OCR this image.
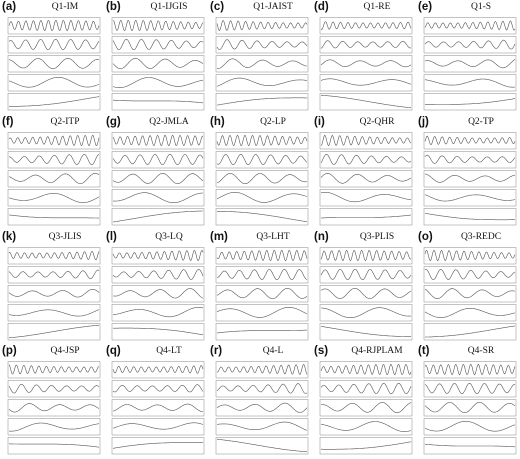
(a)	Q1-IM	(b)	Q1-IJGIS	(c)	Q1-JAIST	(d)	Q1-RE	(e)	Q1-S
(f)	Q2-ITP	(g)	Q2-JMLA	(h)	Q2-LP	(i)	Q2-QHR	(j)	Q2-TP
(k)	Q3-JLIS	(l)	Q3-LQ	(m)	Q3-LHT	(n)	Q3-PLIS	(o)	Q3-REDC
(p)	Q4-JSP	(q)	Q4-LT	(r)	Q4-L	(s)	Q4-RJPLAM	(t)	Q4-SR
